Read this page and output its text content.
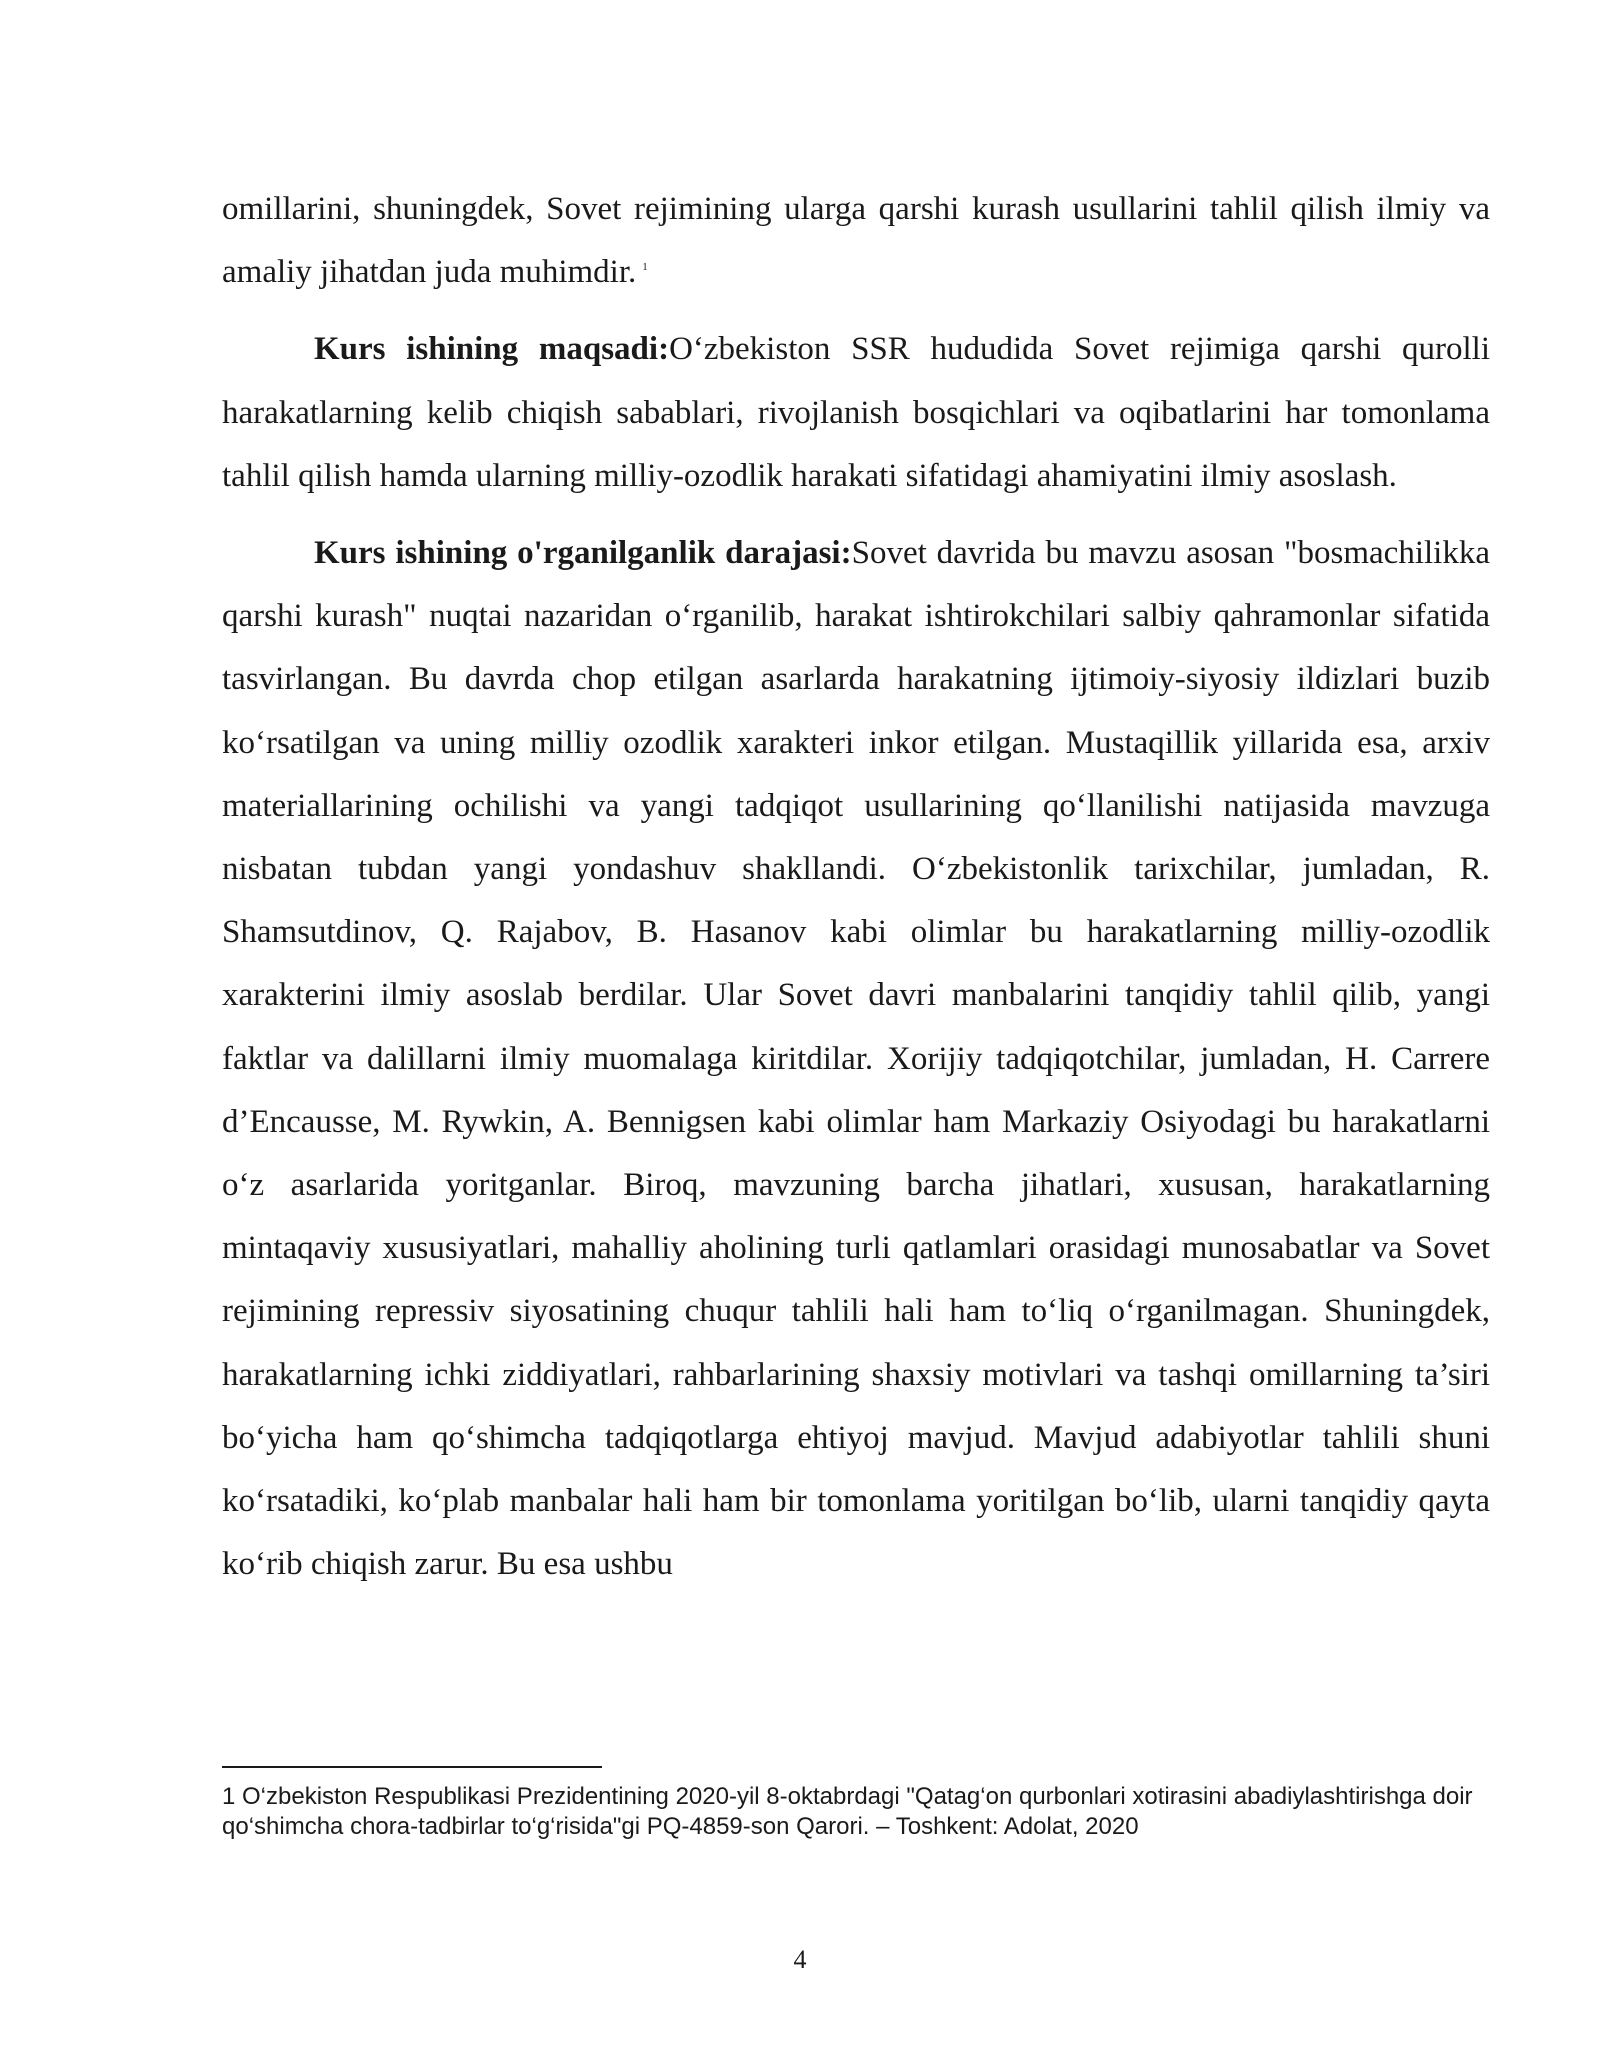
omillarini, shuningdek, Sovet rejimining ularga qarshi kurash usullarini tahlil qilish ilmiy va amaliy jihatdan juda muhimdir. $^1$

Kurs ishining maqsadi:O‘zbekiston SSR hududida Sovet rejimiga qarshi qurolli harakatlarning kelib chiqish sabablari, rivojlanish bosqichlari va oqibatlarini har tomonlama tahlil qilish hamda ularning milliy-ozodlik harakati sifatidagi ahamiyatini ilmiy asoslash.

Kurs ishining o'rganilganlik darajasi:Sovet davrida bu mavzu asosan "bosmachilikka qarshi kurash" nuqtai nazaridan o‘rganilib, harakat ishtirokchilari salbiy qahramonlar sifatida tasvirlangan. Bu davrda chop etilgan asarlarda harakatning ijtimoiy-siyosiy ildizlari buzib ko‘rsatilgan va uning milliy ozodlik xarakteri inkor etilgan. Mustaqillik yillarida esa, arxiv materiallarining ochilishi va yangi tadqiqot usullarining qo‘llanilishi natijasida mavzuga nisbatan tubdan yangi yondashuv shakllandi. O‘zbekistonlik tarixchilar, jumladan, R. Shamsutdinov, Q. Rajabov, B. Hasanov kabi olimlar bu harakatlarning milliy-ozodlik xarakterini ilmiy asoslab berdilar. Ular Sovet davri manbalarini tanqidiy tahlil qilib, yangi faktlar va dalillarni ilmiy muomalaga kiritdilar. Xorijiy tadqiqotchilar, jumladan, H. Carrere d’Encausse, M. Rywkin, A. Bennigsen kabi olimlar ham Markaziy Osiyodagi bu harakatlarni o‘z asarlarida yoritganlar. Biroq, mavzuning barcha jihatlari, xususan, harakatlarning mintaqaviy xususiyatlari, mahalliy aholining turli qatlamlari orasidagi munosabatlar va Sovet rejimining repressiv siyosatining chuqur tahlili hali ham to‘liq o‘rganilmagan. Shuningdek, harakatlarning ichki ziddiyatlari, rahbarlarining shaxsiy motivlari va tashqi omillarning ta’siri bo‘yicha ham qo‘shimcha tadqiqotlarga ehtiyoj mavjud. Mavjud adabiyotlar tahlili shuni ko‘rsatadiki, ko‘plab manbalar hali ham bir tomonlama yoritilgan bo‘lib, ularni tanqidiy qayta ko‘rib chiqish zarur. Bu esa ushbu

1 O‘zbekiston Respublikasi Prezidentining 2020-yil 8-oktabrdagi "Qatag‘on qurbonlari xotirasini abadiylashtirishga doir qo‘shimcha chora-tadbirlar to‘g‘risida"gi PQ-4859-son Qarori. – Toshkent: Adolat, 2020

4
